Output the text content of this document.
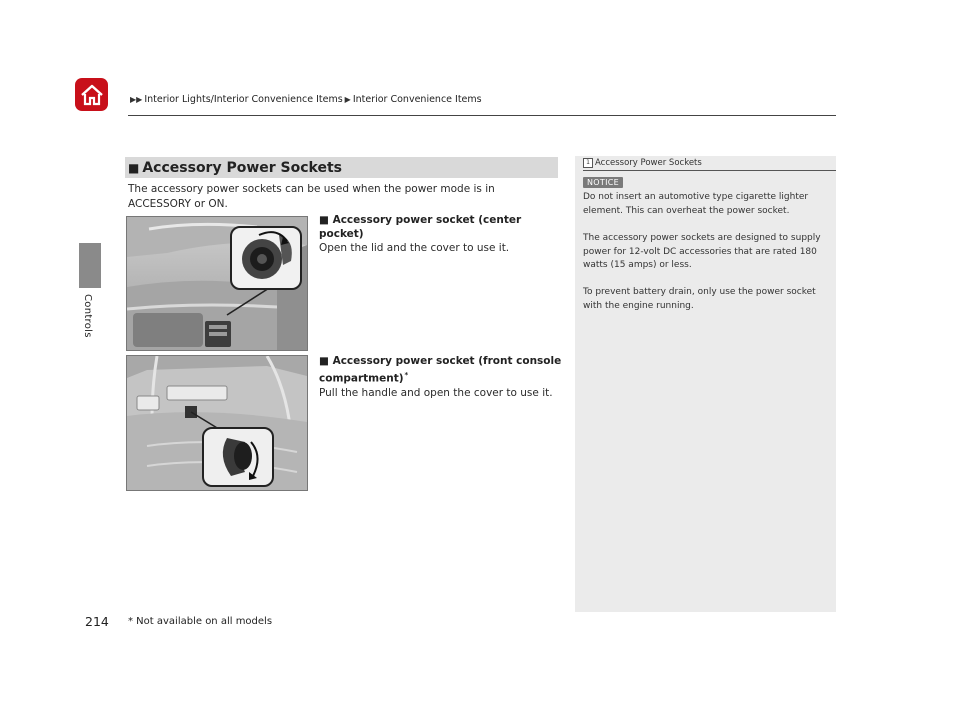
▶▶ Interior Lights/Interior Convenience Items ▶ Interior Convenience Items
Controls
■ Accessory Power Sockets
The accessory power sockets can be used when the power mode is in ACCESSORY or ON.
■ Accessory power socket (center pocket)
Open the lid and the cover to use it.
■ Accessory power socket (front console compartment)*
Pull the handle and open the cover to use it.
1 Accessory Power Sockets
NOTICE
Do not insert an automotive type cigarette lighter element. This can overheat the power socket.
The accessory power sockets are designed to supply power for 12-volt DC accessories that are rated 180 watts (15 amps) or less.
To prevent battery drain, only use the power socket with the engine running.
214 * Not available on all models
